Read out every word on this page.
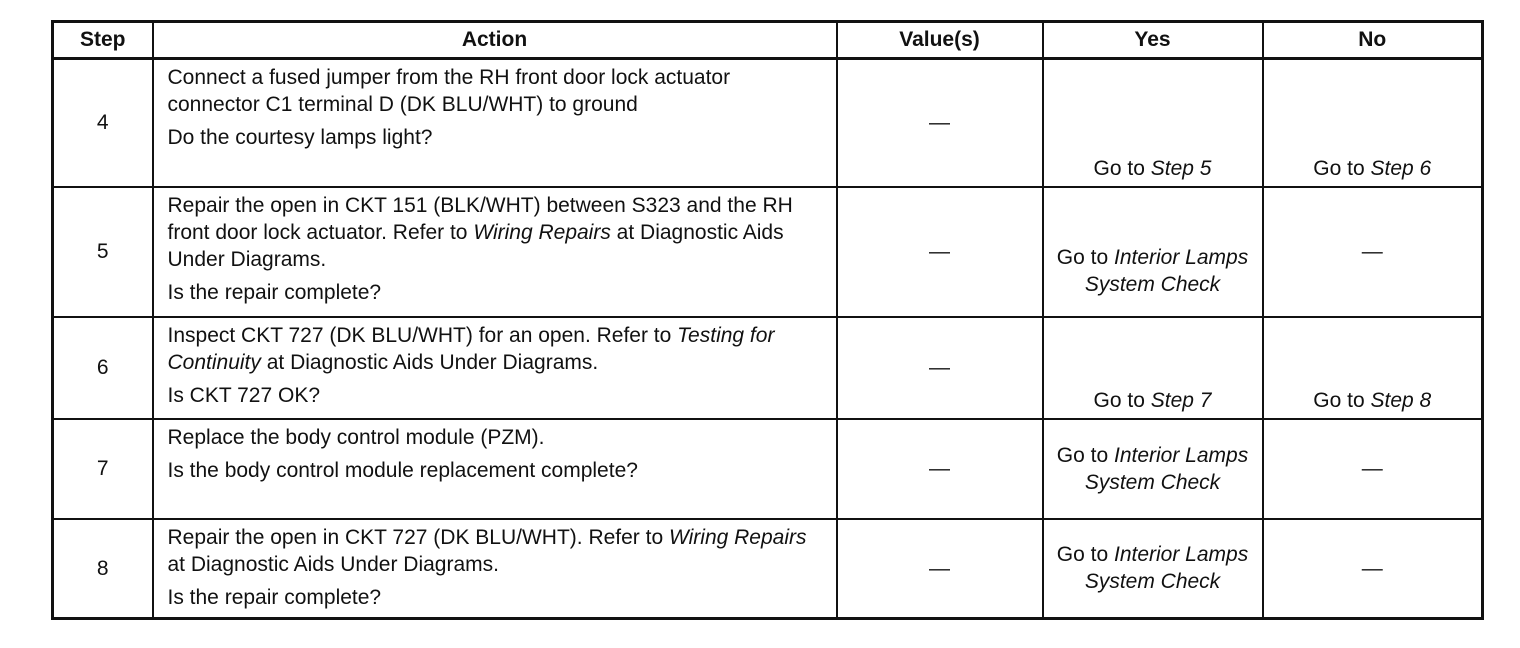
Step	Action	Value(s)	Yes	No
4	Connect a fused jumper from the RH front door lock actuator connector C1 terminal D (DK BLU/WHT) to ground
Do the courtesy lamps light?	—	Go to Step 5	Go to Step 6
5	Repair the open in CKT 151 (BLK/WHT) between S323 and the RH front door lock actuator. Refer to Wiring Repairs at Diagnostic Aids Under Diagrams.
Is the repair complete?	—	Go to Interior Lamps System Check	—
6	Inspect CKT 727 (DK BLU/WHT) for an open. Refer to Testing for Continuity at Diagnostic Aids Under Diagrams.
Is CKT 727 OK?	—	Go to Step 7	Go to Step 8
7	Replace the body control module (PZM).
Is the body control module replacement complete?	—	Go to Interior Lamps System Check	—
8	Repair the open in CKT 727 (DK BLU/WHT). Refer to Wiring Repairs at Diagnostic Aids Under Diagrams.
Is the repair complete?	—	Go to Interior Lamps System Check	—
